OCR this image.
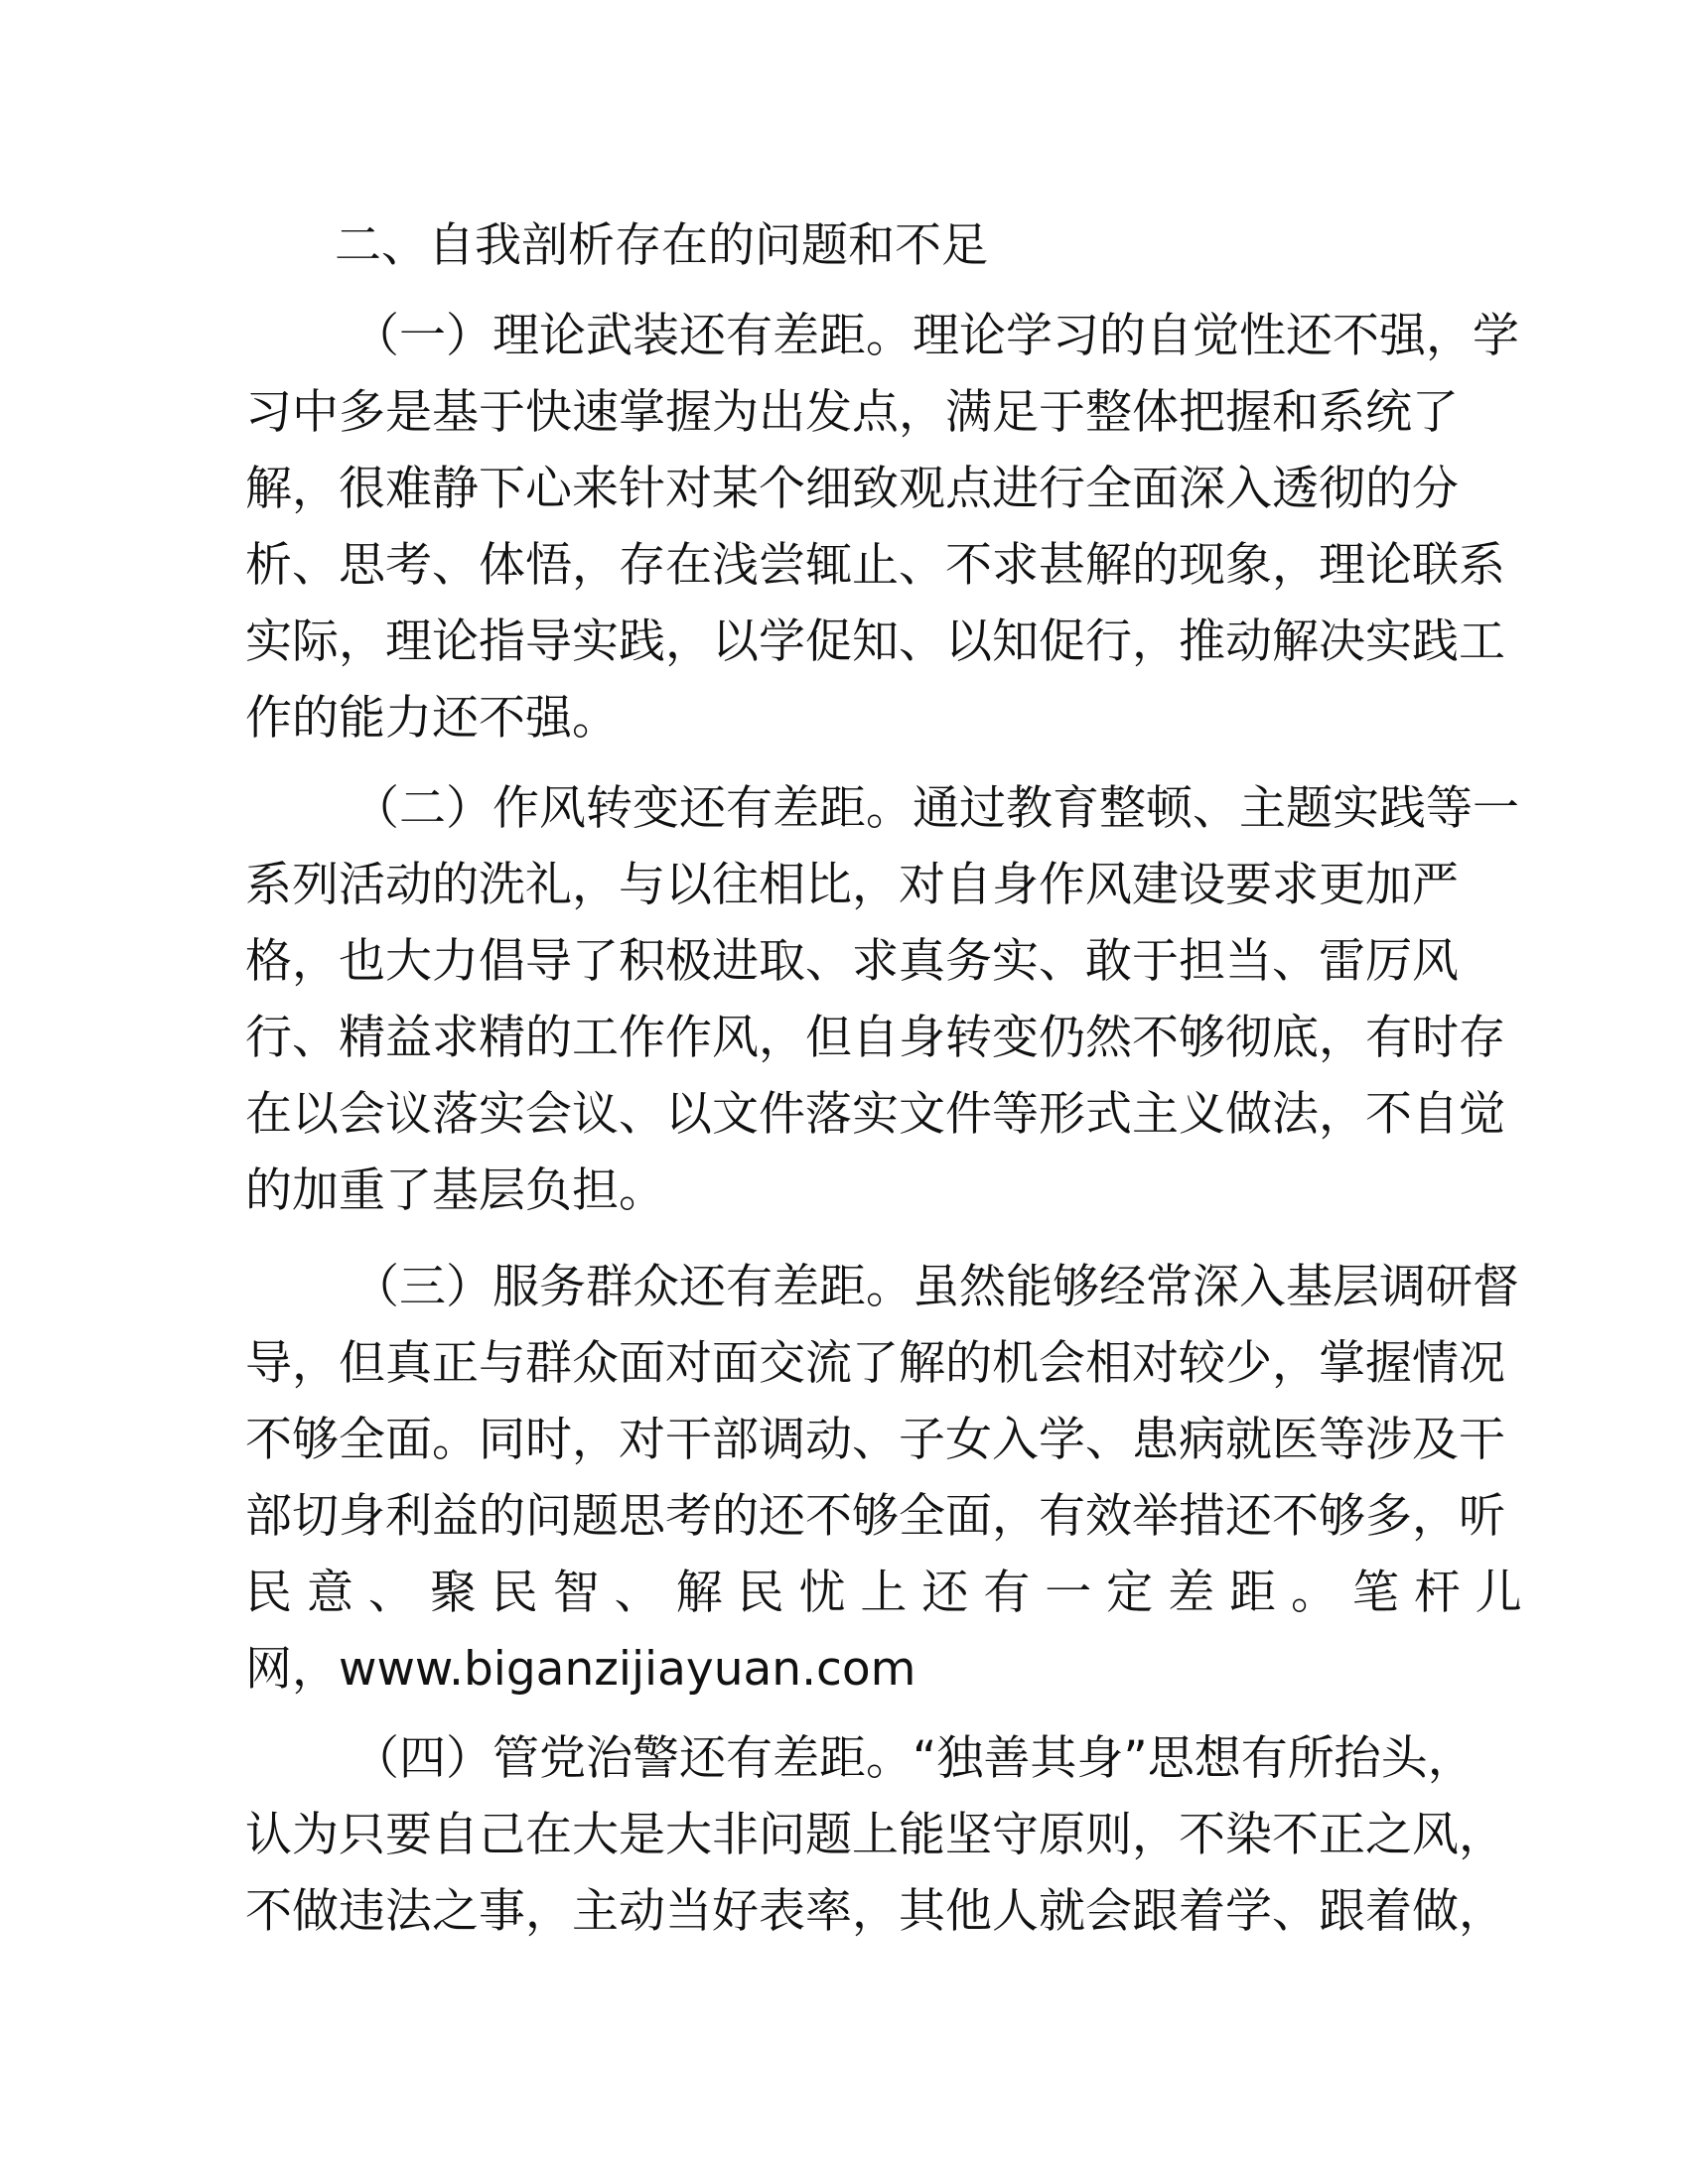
二、自我剖析存在的问题和不足
（一）理论武装还有差距。理论学习的自觉性还不强，学
习中多是基于快速掌握为出发点，满足于整体把握和系统了
解，很难静下心来针对某个细致观点进行全面深入透彻的分
析、思考、体悟，存在浅尝辄止、不求甚解的现象，理论联系
实际，理论指导实践，以学促知、以知促行，推动解决实践工
作的能力还不强。
（二）作风转变还有差距。通过教育整顿、主题实践等一
系列活动的洗礼，与以往相比，对自身作风建设要求更加严
格，也大力倡导了积极进取、求真务实、敢于担当、雷厉风
行、精益求精的工作作风，但自身转变仍然不够彻底，有时存
在以会议落实会议、以文件落实文件等形式主义做法，不自觉
的加重了基层负担。
（三）服务群众还有差距。虽然能够经常深入基层调研督
导，但真正与群众面对面交流了解的机会相对较少，掌握情况
不够全面。同时，对干部调动、子女入学、患病就医等涉及干
部切身利益的问题思考的还不够全面，有效举措还不够多，听
民 意 、 聚 民 智 、 解 民 忧 上 还 有 一 定 差 距 。 笔 杆 儿
网，www.biganzijiayuan.com
（四）管党治警还有差距。“独善其身”思想有所抬头，
认为只要自己在大是大非问题上能坚守原则，不染不正之风，
不做违法之事，主动当好表率，其他人就会跟着学、跟着做，
